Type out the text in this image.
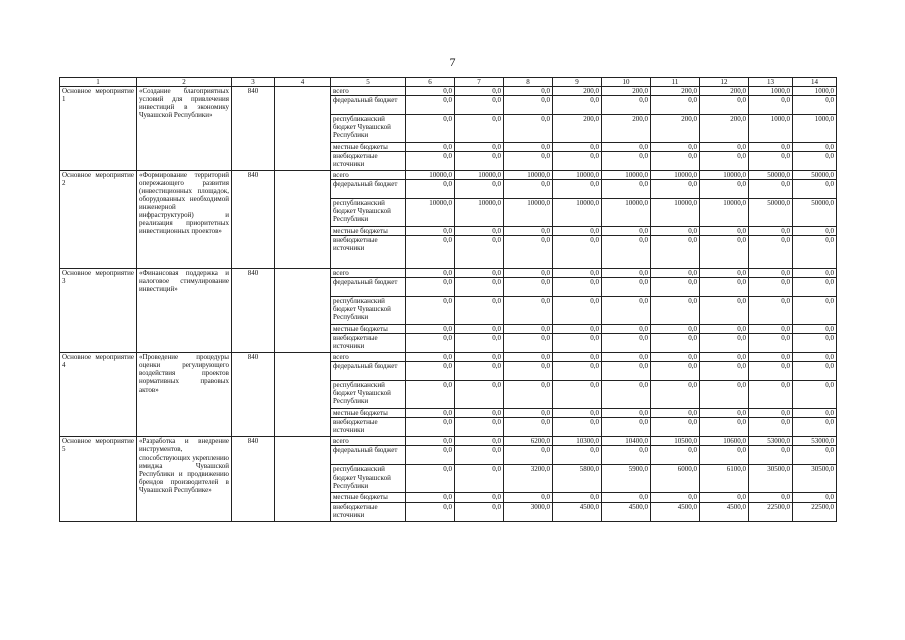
7
1	2	3	4	5	6	7	8	9	10	11	12	13	14
Основное мероприятие 1	«Создание благоприятных условий для привлечения инвестиций в экономику Чувашской Республики»	840		всего	0,0	0,0	0,0	200,0	200,0	200,0	200,0	1000,0	1000,0
				федеральный бюджет	0,0	0,0	0,0	0,0	0,0	0,0	0,0	0,0	0,0
				республиканский бюджет Чувашской Республики	0,0	0,0	0,0	200,0	200,0	200,0	200,0	1000,0	1000,0
				местные бюджеты	0,0	0,0	0,0	0,0	0,0	0,0	0,0	0,0	0,0
				внебюджетные источники	0,0	0,0	0,0	0,0	0,0	0,0	0,0	0,0	0,0
Основное мероприятие 2	«Формирование территорий опережающего развития (инвестиционных площадок, оборудованных необходимой инженерной инфраструктурой) и реализация приоритетных инвестиционных проектов»	840		всего	10000,0	10000,0	10000,0	10000,0	10000,0	10000,0	10000,0	50000,0	50000,0
				федеральный бюджет	0,0	0,0	0,0	0,0	0,0	0,0	0,0	0,0	0,0
				республиканский бюджет Чувашской Республики	10000,0	10000,0	10000,0	10000,0	10000,0	10000,0	10000,0	50000,0	50000,0
				местные бюджеты	0,0	0,0	0,0	0,0	0,0	0,0	0,0	0,0	0,0
				внебюджетные источники	0,0	0,0	0,0	0,0	0,0	0,0	0,0	0,0	0,0
Основное мероприятие 3	«Финансовая поддержка и налоговое стимулирование инвестиций»	840		всего	0,0	0,0	0,0	0,0	0,0	0,0	0,0	0,0	0,0
				федеральный бюджет	0,0	0,0	0,0	0,0	0,0	0,0	0,0	0,0	0,0
				республиканский бюджет Чувашской Республики	0,0	0,0	0,0	0,0	0,0	0,0	0,0	0,0	0,0
				местные бюджеты	0,0	0,0	0,0	0,0	0,0	0,0	0,0	0,0	0,0
				внебюджетные источники	0,0	0,0	0,0	0,0	0,0	0,0	0,0	0,0	0,0
Основное мероприятие 4	«Проведение процедуры оценки регулирующего воздействия проектов нормативных правовых актов»	840		всего	0,0	0,0	0,0	0,0	0,0	0,0	0,0	0,0	0,0
				федеральный бюджет	0,0	0,0	0,0	0,0	0,0	0,0	0,0	0,0	0,0
				республиканский бюджет Чувашской Республики	0,0	0,0	0,0	0,0	0,0	0,0	0,0	0,0	0,0
				местные бюджеты	0,0	0,0	0,0	0,0	0,0	0,0	0,0	0,0	0,0
				внебюджетные источники	0,0	0,0	0,0	0,0	0,0	0,0	0,0	0,0	0,0
Основное мероприятие 5	«Разработка и внедрение инструментов, способствующих укреплению имиджа Чувашской Республики и продвижению брендов производителей в Чувашской Республике»	840		всего	0,0	0,0	6200,0	10300,0	10400,0	10500,0	10600,0	53000,0	53000,0
				федеральный бюджет	0,0	0,0	0,0	0,0	0,0	0,0	0,0	0,0	0,0
				республиканский бюджет Чувашской Республики	0,0	0,0	3200,0	5800,0	5900,0	6000,0	6100,0	30500,0	30500,0
				местные бюджеты	0,0	0,0	0,0	0,0	0,0	0,0	0,0	0,0	0,0
				внебюджетные источники	0,0	0,0	3000,0	4500,0	4500,0	4500,0	4500,0	22500,0	22500,0
